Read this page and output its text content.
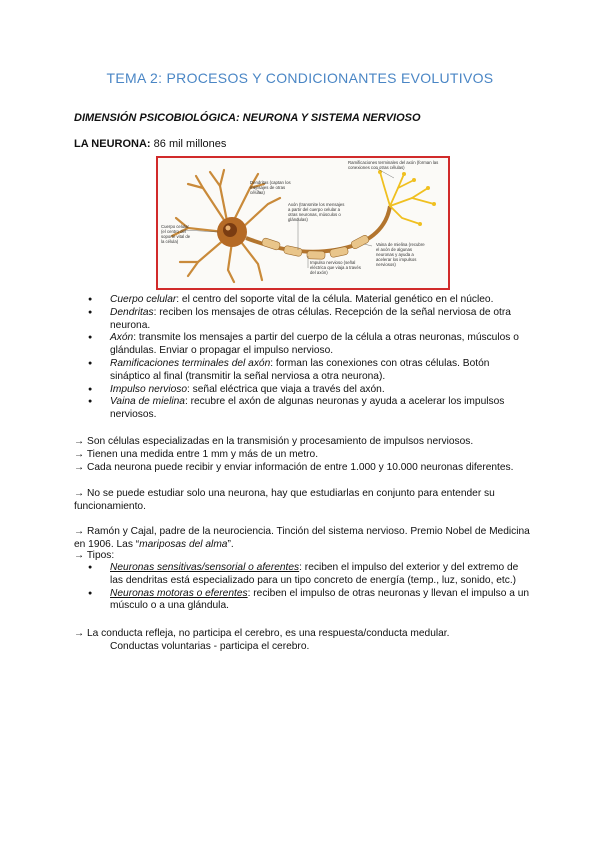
TEMA 2: PROCESOS Y CONDICIONANTES EVOLUTIVOS
DIMENSIÓN PSICOBIOLÓGICA: NEURONA Y SISTEMA NERVIOSO
LA NEURONA: 86 mil millones
Ramificaciones terminales del axón (forman las conexiones con otras células)
Dendritas (captan los mensajes de otras células)
Axón (transmite los mensajes a partir del cuerpo celular a otras neuronas, músculos o glándulas)
Cuerpo celular (el centro del soporte vital de la célula)
Vaina de mielina (recubre el axón de algunas neuronas y ayuda a acelerar los impulsos nerviosos)
Impulso nervioso (señal eléctrica que viaja a través del axón)
● Cuerpo celular: el centro del soporte vital de la célula. Material genético en el núcleo.
● Dendritas: reciben los mensajes de otras células. Recepción de la señal nerviosa de otra neurona.
● Axón: transmite los mensajes a partir del cuerpo de la célula a otras neuronas, músculos o glándulas. Enviar o propagar el impulso nervioso.
● Ramificaciones terminales del axón: forman las conexiones con otras células. Botón sináptico al final (transmitir la señal nerviosa a otra neurona).
● Impulso nervioso: señal eléctrica que viaja a través del axón.
● Vaina de mielina: recubre el axón de algunas neuronas y ayuda a acelerar los impulsos nerviosos.
→ Son células especializadas en la transmisión y procesamiento de impulsos nerviosos.
→ Tienen una medida entre 1 mm y más de un metro.
→ Cada neurona puede recibir y enviar información de entre 1.000 y 10.000 neuronas diferentes.
→ No se puede estudiar solo una neurona, hay que estudiarlas en conjunto para entender su funcionamiento.
→ Ramón y Cajal, padre de la neurociencia. Tinción del sistema nervioso. Premio Nobel de Medicina en 1906. Las “mariposas del alma”.
→ Tipos:
● Neuronas sensitivas/sensorial o aferentes: reciben el impulso del exterior y del extremo de las dendritas está especializado para un tipo concreto de energía (temp., luz, sonido, etc.)
● Neuronas motoras o eferentes: reciben el impulso de otras neuronas y llevan el impulso a un músculo o a una glándula.
→ La conducta refleja, no participa el cerebro, es una respuesta/conducta medular.
Conductas voluntarias - participa el cerebro.
